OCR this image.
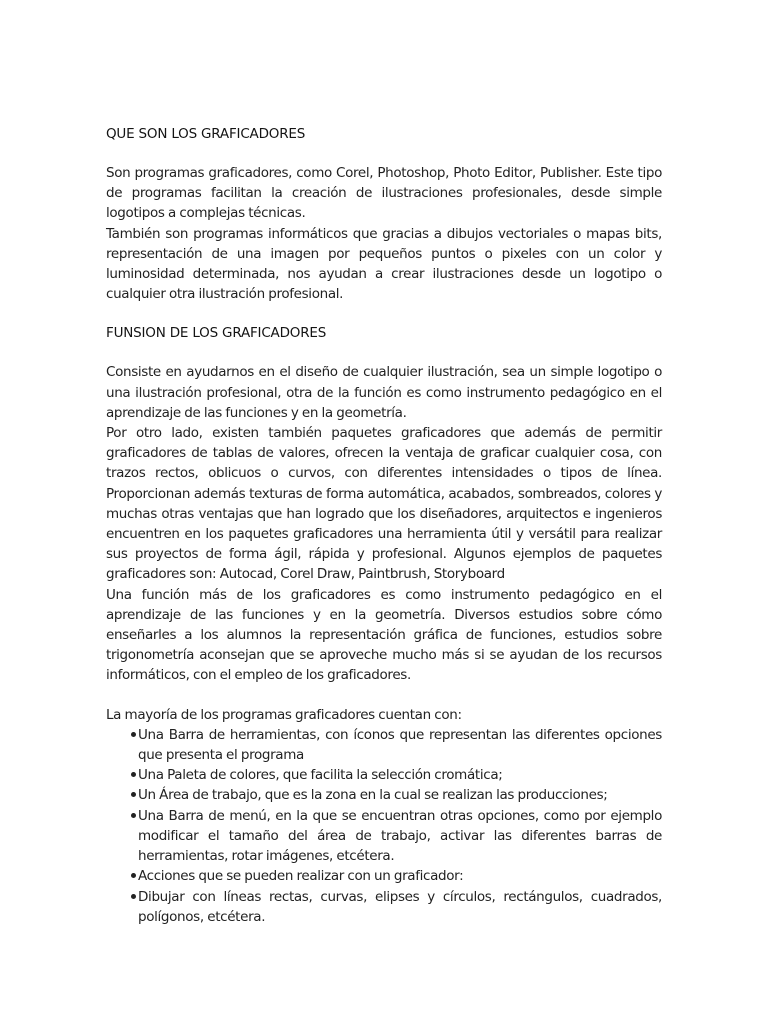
QUE SON LOS GRAFICADORES

Son programas graficadores, como Corel, Photoshop, Photo Editor, Publisher. Este tipo de programas facilitan la creación de ilustraciones profesionales, desde simple logotipos a complejas técnicas.

También son programas informáticos que gracias a dibujos vectoriales o mapas bits, representación de una imagen por pequeños puntos o pixeles con un color y luminosidad determinada, nos ayudan a crear ilustraciones desde un logotipo o cualquier otra ilustración profesional.

FUNSION DE LOS GRAFICADORES

Consiste en ayudarnos en el diseño de cualquier ilustración, sea un simple logotipo o una ilustración profesional, otra de la función es como instrumento pedagógico en el aprendizaje de las funciones y en la geometría.

Por otro lado, existen también paquetes graficadores que además de permitir graficadores de tablas de valores, ofrecen la ventaja de graficar cualquier cosa, con trazos rectos, oblicuos o curvos, con diferentes intensidades o tipos de línea. Proporcionan además texturas de forma automática, acabados, sombreados, colores y muchas otras ventajas que han logrado que los diseñadores, arquitectos e ingenieros encuentren en los paquetes graficadores una herramienta útil y versátil para realizar sus proyectos de forma ágil, rápida y profesional. Algunos ejemplos de paquetes graficadores son: Autocad, Corel Draw, Paintbrush, Storyboard

Una función más de los graficadores es como instrumento pedagógico en el aprendizaje de las funciones y en la geometría. Diversos estudios sobre cómo enseñarles a los alumnos la representación gráfica de funciones, estudios sobre trigonometría aconsejan que se aproveche mucho más si se ayudan de los recursos informáticos, con el empleo de los graficadores.

La mayoría de los programas graficadores cuentan con:

Una Barra de herramientas, con íconos que representan las diferentes opciones que presenta el programa
Una Paleta de colores, que facilita la selección cromática;
Un Área de trabajo, que es la zona en la cual se realizan las producciones;
Una Barra de menú, en la que se encuentran otras opciones, como por ejemplo modificar el tamaño del área de trabajo, activar las diferentes barras de herramientas, rotar imágenes, etcétera.
Acciones que se pueden realizar con un graficador:
Dibujar con líneas rectas, curvas, elipses y círculos, rectángulos, cuadrados, polígonos, etcétera.
